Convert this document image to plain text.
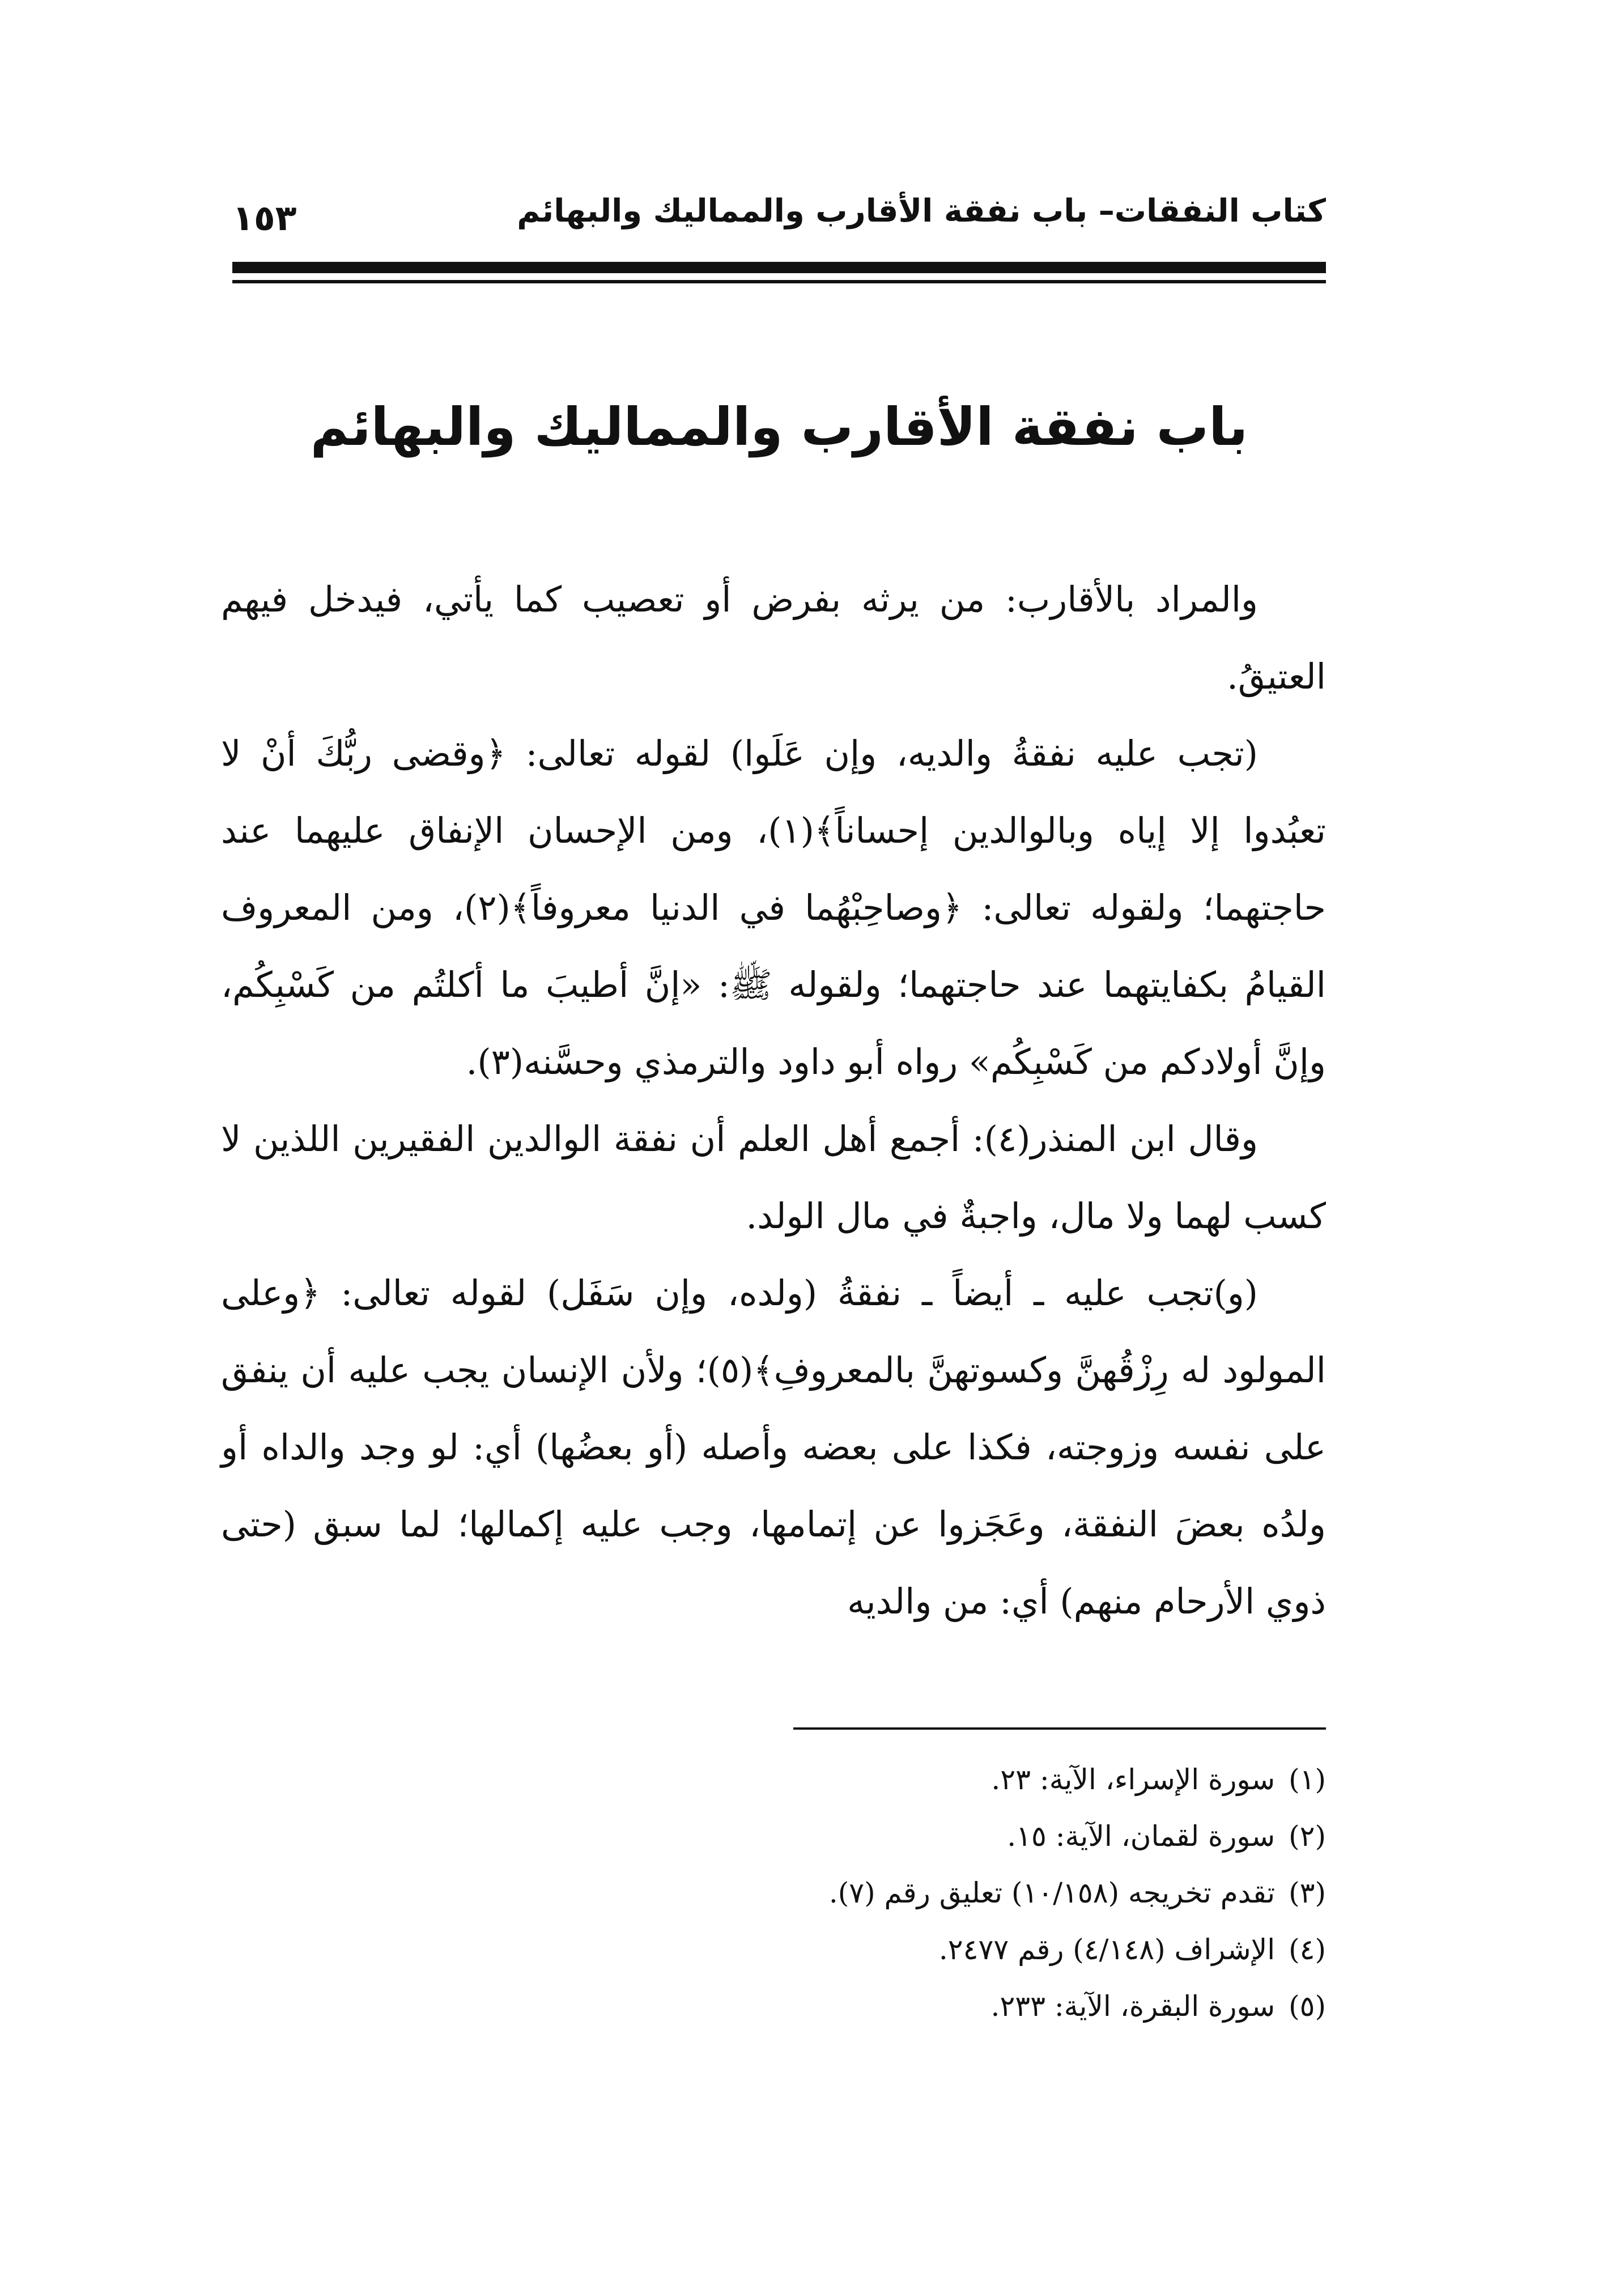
١٥٣	كتاب النفقات– باب نفقة الأقارب والمماليك والبهائم
باب نفقة الأقارب والمماليك والبهائم

والمراد بالأقارب: من يرثه بفرض أو تعصيب كما يأتي، فيدخل فيهم العتيقُ.

(تجب عليه نفقةُ والديه، وإن عَلَوا) لقوله تعالى: ﴿وقضى ربُّكَ أنْ لا تعبُدوا إلا إياه وبالوالدين إحساناً﴾(١)، ومن الإحسان الإنفاق عليهما عند حاجتهما؛ ولقوله تعالى: ﴿وصاحِبْهُما في الدنيا معروفاً﴾(٢)، ومن المعروف القيامُ بكفايتهما عند حاجتهما؛ ولقوله ﷺ: «إنَّ أطيبَ ما أكلتُم من كَسْبِكُم، وإنَّ أولادكم من كَسْبِكُم» رواه أبو داود والترمذي وحسَّنه(٣).

وقال ابن المنذر(٤): أجمع أهل العلم أن نفقة الوالدين الفقيرين اللذين لا كسب لهما ولا مال، واجبةٌ في مال الولد.

(و)تجب عليه ـ أيضاً ـ نفقةُ (ولده، وإن سَفَل) لقوله تعالى: ﴿وعلى المولود له رِزْقُهنَّ وكسوتهنَّ بالمعروفِ﴾(٥)؛ ولأن الإنسان يجب عليه أن ينفق على نفسه وزوجته، فكذا على بعضه وأصله (أو بعضُها) أي: لو وجد والداه أو ولدُه بعضَ النفقة، وعَجَزوا عن إتمامها، وجب عليه إكمالها؛ لما سبق (حتى ذوي الأرحام منهم) أي: من والديه

(١)سورة الإسراء، الآية: ٢٣.

(٢)سورة لقمان، الآية: ١٥.

(٣)تقدم تخريجه (١٠/١٥٨) تعليق رقم (٧).

(٤)الإشراف (٤/١٤٨) رقم ٢٤٧٧.

(٥)سورة البقرة، الآية: ٢٣٣.
